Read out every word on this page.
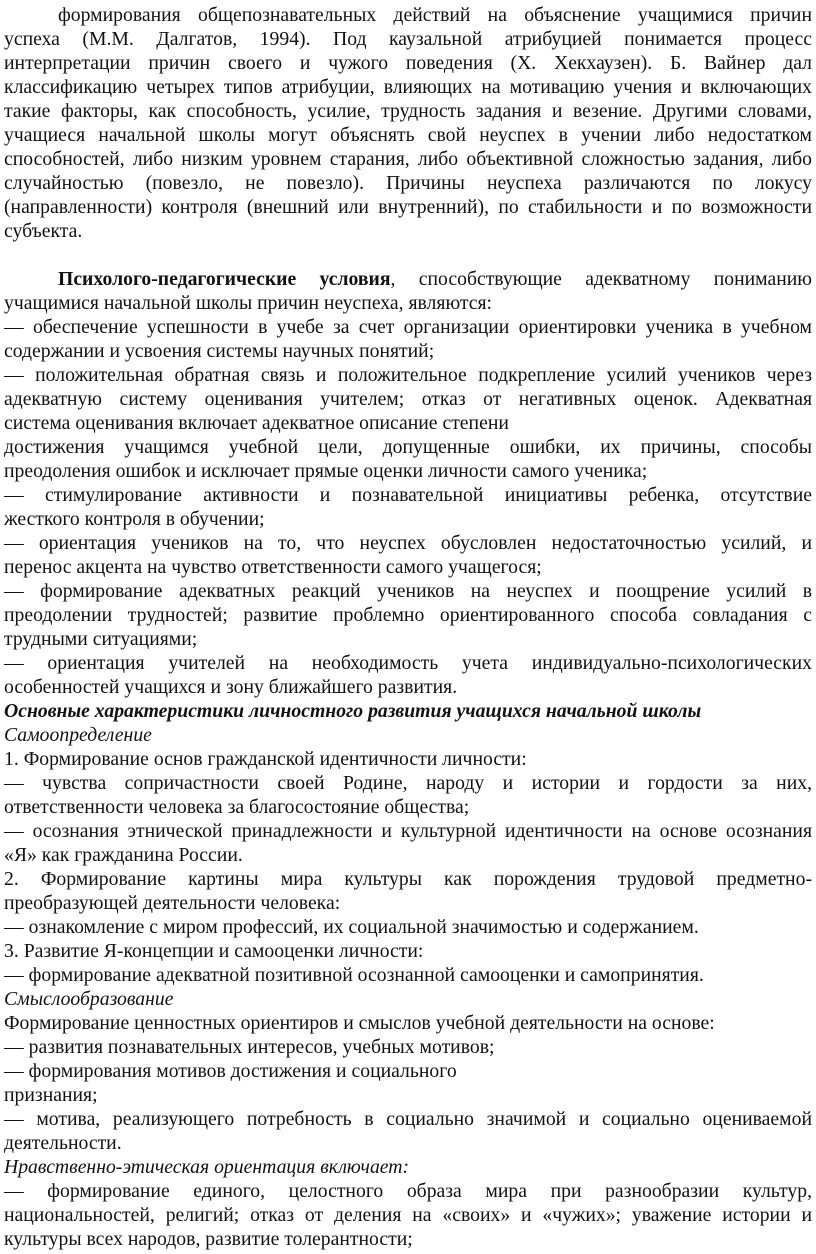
формирования общепознавательных действий на объяснение учащимися причин
успеха (М.М. Далгатов, 1994). Под каузальной атрибуцией понимается процесс
интерпретации причин своего и чужого поведения (Х. Хекхаузен). Б. Вайнер дал
классификацию четырех типов атрибуции, влияющих на мотивацию учения и включающих
такие факторы, как способность, усилие, трудность задания и везение. Другими словами,
учащиеся начальной школы могут объяснять свой неуспех в учении либо недостатком
способностей, либо низким уровнем старания, либо объективной сложностью задания, либо
случайностью (повезло, не повезло). Причины неуспеха различаются по локусу
(направленности) контроля (внешний или внутренний), по стабильности и по возможности
субъекта.
Психолого-педагогические условия, способствующие адекватному пониманию
учащимися начальной школы причин неуспеха, являются:
— обеспечение успешности в учебе за счет организации ориентировки ученика в учебном
содержании и усвоения системы научных понятий;
— положительная обратная связь и положительное подкрепление усилий учеников через
адекватную систему оценивания учителем; отказ от негативных оценок. Адекватная
система оценивания включает адекватное описание степени
достижения учащимся учебной цели, допущенные ошибки, их причины, способы
преодоления ошибок и исключает прямые оценки личности самого ученика;
— стимулирование активности и познавательной инициативы ребенка, отсутствие
жесткого контроля в обучении;
— ориентация учеников на то, что неуспех обусловлен недостаточностью усилий, и
перенос акцента на чувство ответственности самого учащегося;
— формирование адекватных реакций учеников на неуспех и поощрение усилий в
преодолении трудностей; развитие проблемно ориентированного способа совладания с
трудными ситуациями;
— ориентация учителей на необходимость учета индивидуально-психологических
особенностей учащихся и зону ближайшего развития.
Основные характеристики личностного развития учащихся начальной школы
Самоопределение
1. Формирование основ гражданской идентичности личности:
— чувства сопричастности своей Родине, народу и истории и гордости за них,
ответственности человека за благосостояние общества;
— осознания этнической принадлежности и культурной идентичности на основе осознания
«Я» как гражданина России.
2. Формирование картины мира культуры как порождения трудовой предметно-
преобразующей деятельности человека:
— ознакомление с миром профессий, их социальной значимостью и содержанием.
3. Развитие Я-концепции и самооценки личности:
— формирование адекватной позитивной осознанной самооценки и самопринятия.
Смыслообразование
Формирование ценностных ориентиров и смыслов учебной деятельности на основе:
— развития познавательных интересов, учебных мотивов;
— формирования мотивов достижения и социального
признания;
— мотива, реализующего потребность в социально значимой и социально оцениваемой
деятельности.
Нравственно-этическая ориентация включает:
— формирование единого, целостного образа мира при разнообразии культур,
национальностей, религий; отказ от деления на «своих» и «чужих»; уважение истории и
культуры всех народов, развитие толерантности;
